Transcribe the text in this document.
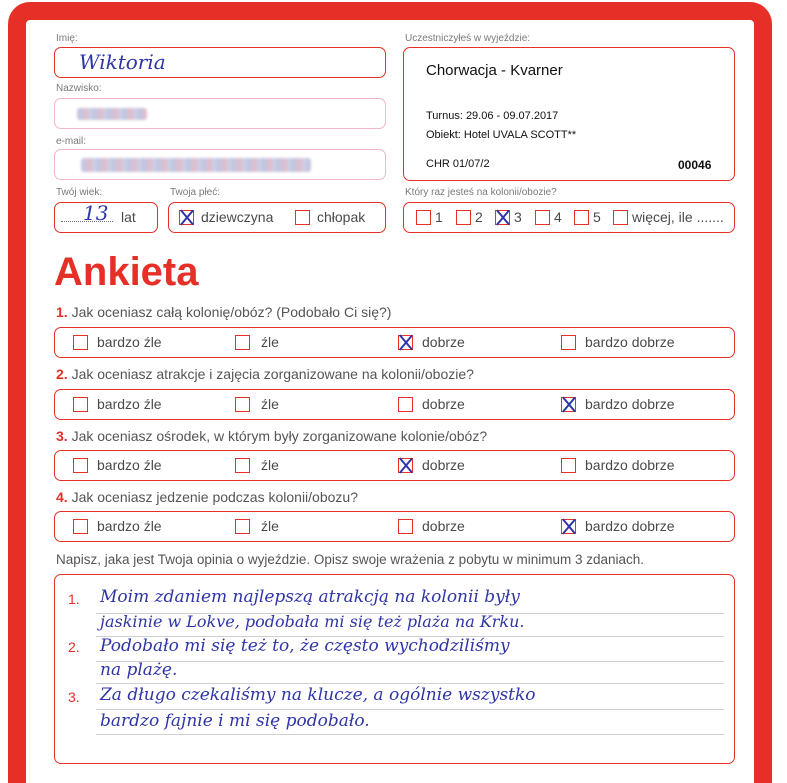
Imię:
Wiktoria
Nazwisko:
e-mail:
Twój wiek:
13 lat
Twoja płeć:
dziewczyna	chłopak
Uczestniczyłeś w wyjeździe:
Chorwacja - Kvarner
Turnus: 29.06 - 09.07.2017
Obiekt: Hotel UVALA SCOTT**
CHR 01/07/2	00046
Który raz jesteś na kolonii/obozie?
1 2 3 4 5 więcej, ile .......
Ankieta
1. Jak oceniasz całą kolonię/obóz? (Podobało Ci się?)
bardzo źle	źle	dobrze	bardzo dobrze
2. Jak oceniasz atrakcje i zajęcia zorganizowane na kolonii/obozie?
bardzo źle	źle	dobrze	bardzo dobrze
3. Jak oceniasz ośrodek, w którym były zorganizowane kolonie/obóz?
bardzo źle	źle	dobrze	bardzo dobrze
4. Jak oceniasz jedzenie podczas kolonii/obozu?
bardzo źle	źle	dobrze	bardzo dobrze
Napisz, jaka jest Twoja opinia o wyjeździe. Opisz swoje wrażenia z pobytu w minimum 3 zdaniach.
1.
2.
3.
Moim zdaniem najlepszą atrakcją na kolonii były
jaskinie w Lokve, podobała mi się też plaża na Krku.
Podobało mi się też to, że często wychodziliśmy
na plażę.
Za długo czekaliśmy na klucze, a ogólnie wszystko
bardzo fajnie i mi się podobało.
